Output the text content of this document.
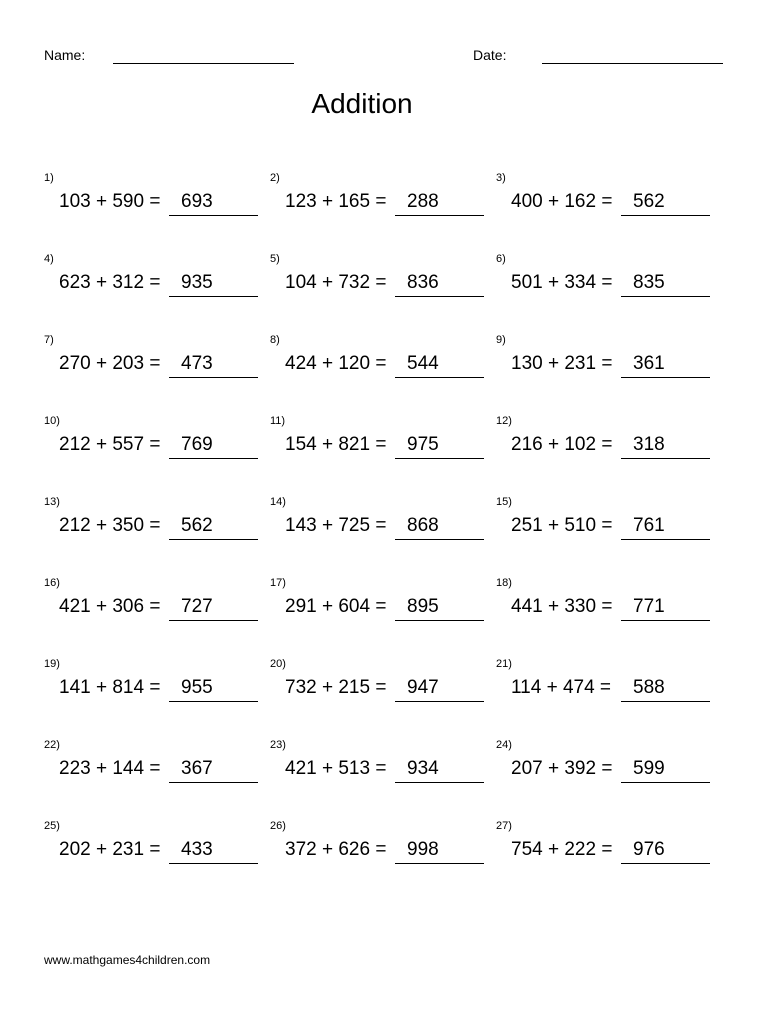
Name:	Date:
Addition
1)
103 + 590 = 693
2)
123 + 165 = 288
3)
400 + 162 = 562
4)
623 + 312 = 935
5)
104 + 732 = 836
6)
501 + 334 = 835
7)
270 + 203 = 473
8)
424 + 120 = 544
9)
130 + 231 = 361
10)
212 + 557 = 769
11)
154 + 821 = 975
12)
216 + 102 = 318
13)
212 + 350 = 562
14)
143 + 725 = 868
15)
251 + 510 = 761
16)
421 + 306 = 727
17)
291 + 604 = 895
18)
441 + 330 = 771
19)
141 + 814 = 955
20)
732 + 215 = 947
21)
114 + 474 = 588
22)
223 + 144 = 367
23)
421 + 513 = 934
24)
207 + 392 = 599
25)
202 + 231 = 433
26)
372 + 626 = 998
27)
754 + 222 = 976
www.mathgames4children.com
